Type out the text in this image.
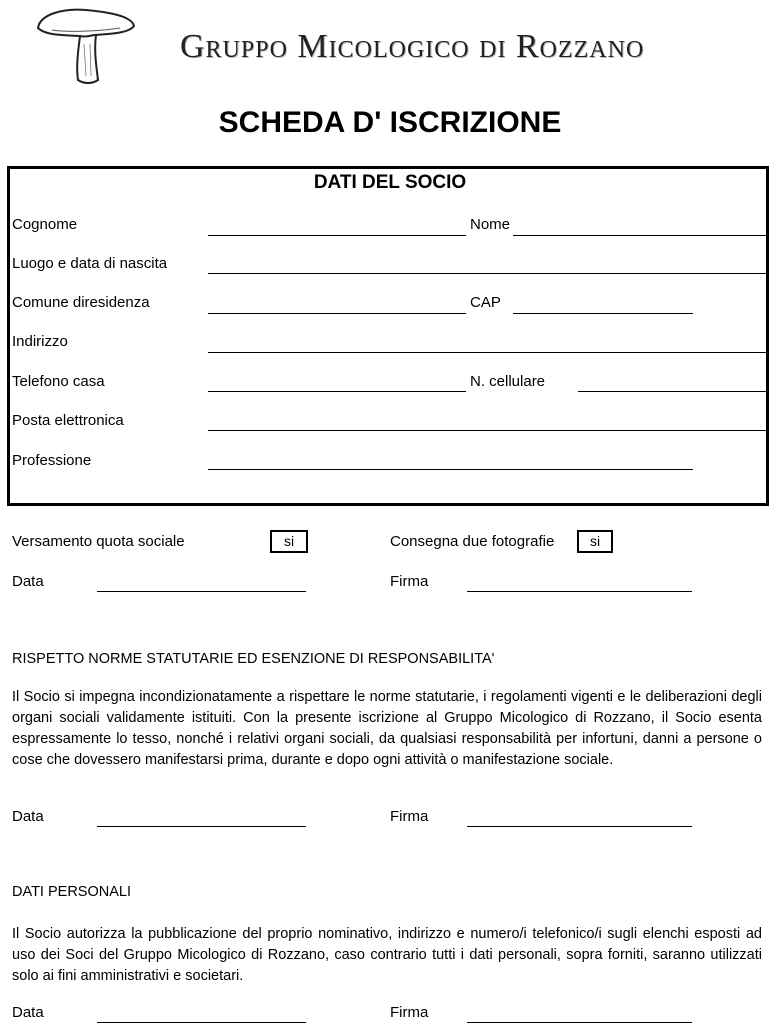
Gruppo Micologico di Rozzano
SCHEDA D' ISCRIZIONE
DATI DEL SOCIO
Cognome	Nome
Luogo e data di nascita
Comune diresidenza	CAP
Indirizzo
Telefono casa	N. cellulare
Posta elettronica
Professione
Versamento quota sociale	si	Consegna due fotografie	si
Data	Firma
RISPETTO NORME STATUTARIE ED ESENZIONE DI RESPONSABILITA'
Il Socio si impegna incondizionatamente a rispettare le norme statutarie, i regolamenti vigenti e le deliberazioni degli organi sociali validamente istituiti. Con la presente iscrizione al Gruppo Micologico di Rozzano, il Socio esenta espressamente lo tesso, nonché i relativi organi sociali, da qualsiasi responsabilità per infortuni, danni a persone o cose che dovessero manifestarsi prima, durante e dopo ogni attività o manifestazione sociale.
Data	Firma
DATI PERSONALI
Il Socio autorizza la pubblicazione del proprio nominativo, indirizzo e numero/i telefonico/i sugli elenchi esposti ad uso dei Soci del Gruppo Micologico di Rozzano, caso contrario tutti i dati personali, sopra forniti, saranno utilizzati solo ai fini amministrativi e societari.
Data	Firma
